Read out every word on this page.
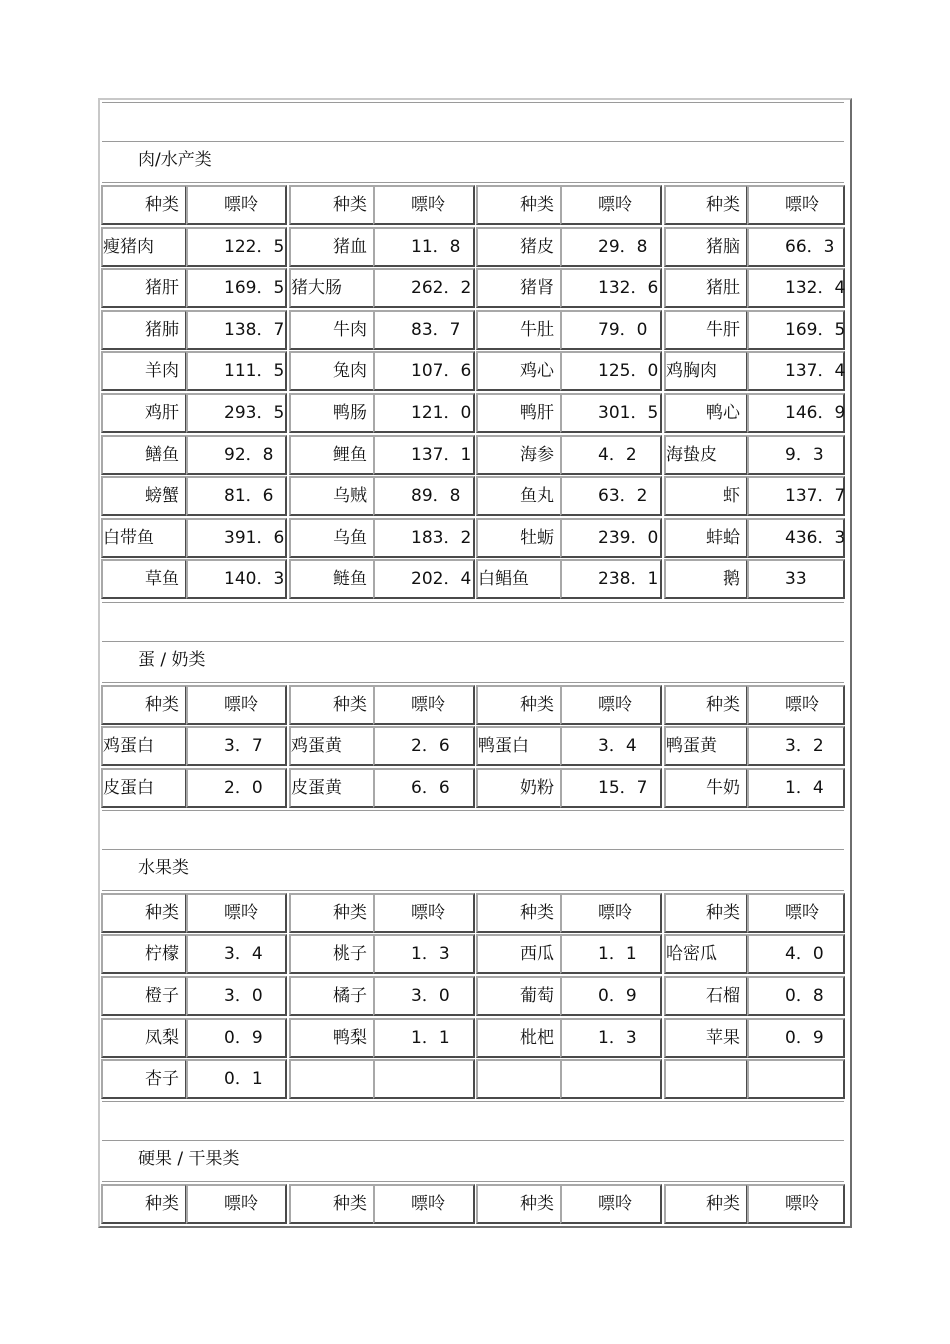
肉/水产类
种类	嘌呤	种类	嘌呤	种类	嘌呤	种类	嘌呤
瘦猪肉	122．5	猪血	11．8	猪皮	29．8	猪脑	66．3
猪肝	169．5 猪大肠	262．2	猪肾	132．6	猪肚	132．4
猪肺	138．7	牛肉	83．7	牛肚	79．0	牛肝	169．5
羊肉	111．5	兔肉	107．6	鸡心	125．0 鸡胸肉	137．4
鸡肝	293．5	鸭肠	121．0	鸭肝	301．5	鸭心	146．9
鳝鱼	92．8	鲤鱼	137．1	海参	4．2 海蛰皮	9．3
螃蟹	81．6	乌贼	89．8	鱼丸	63．2	虾	137．7
白带鱼	391．6	乌鱼	183．2	牡蛎	239．0	蚌蛤	436．3
草鱼	140．3	鲢鱼	202．4 白鲳鱼	238．1	鹅	33
蛋 / 奶类
种类	嘌呤	种类	嘌呤	种类	嘌呤	种类	嘌呤
鸡蛋白	3．7 鸡蛋黄	2．6 鸭蛋白	3．4 鸭蛋黄	3．2
皮蛋白	2．0 皮蛋黄	6．6	奶粉	15．7	牛奶	1．4
水果类
种类	嘌呤	种类	嘌呤	种类	嘌呤	种类	嘌呤
柠檬	3．4	桃子	1．3	西瓜	1．1 哈密瓜	4．0
橙子	3．0	橘子	3．0	葡萄	0．9	石榴	0．8
凤梨	0．9	鸭梨	1．1	枇杷	1．3	苹果	0．9
杏子	0．1
硬果 / 干果类
种类	嘌呤	种类	嘌呤	种类	嘌呤	种类	嘌呤
